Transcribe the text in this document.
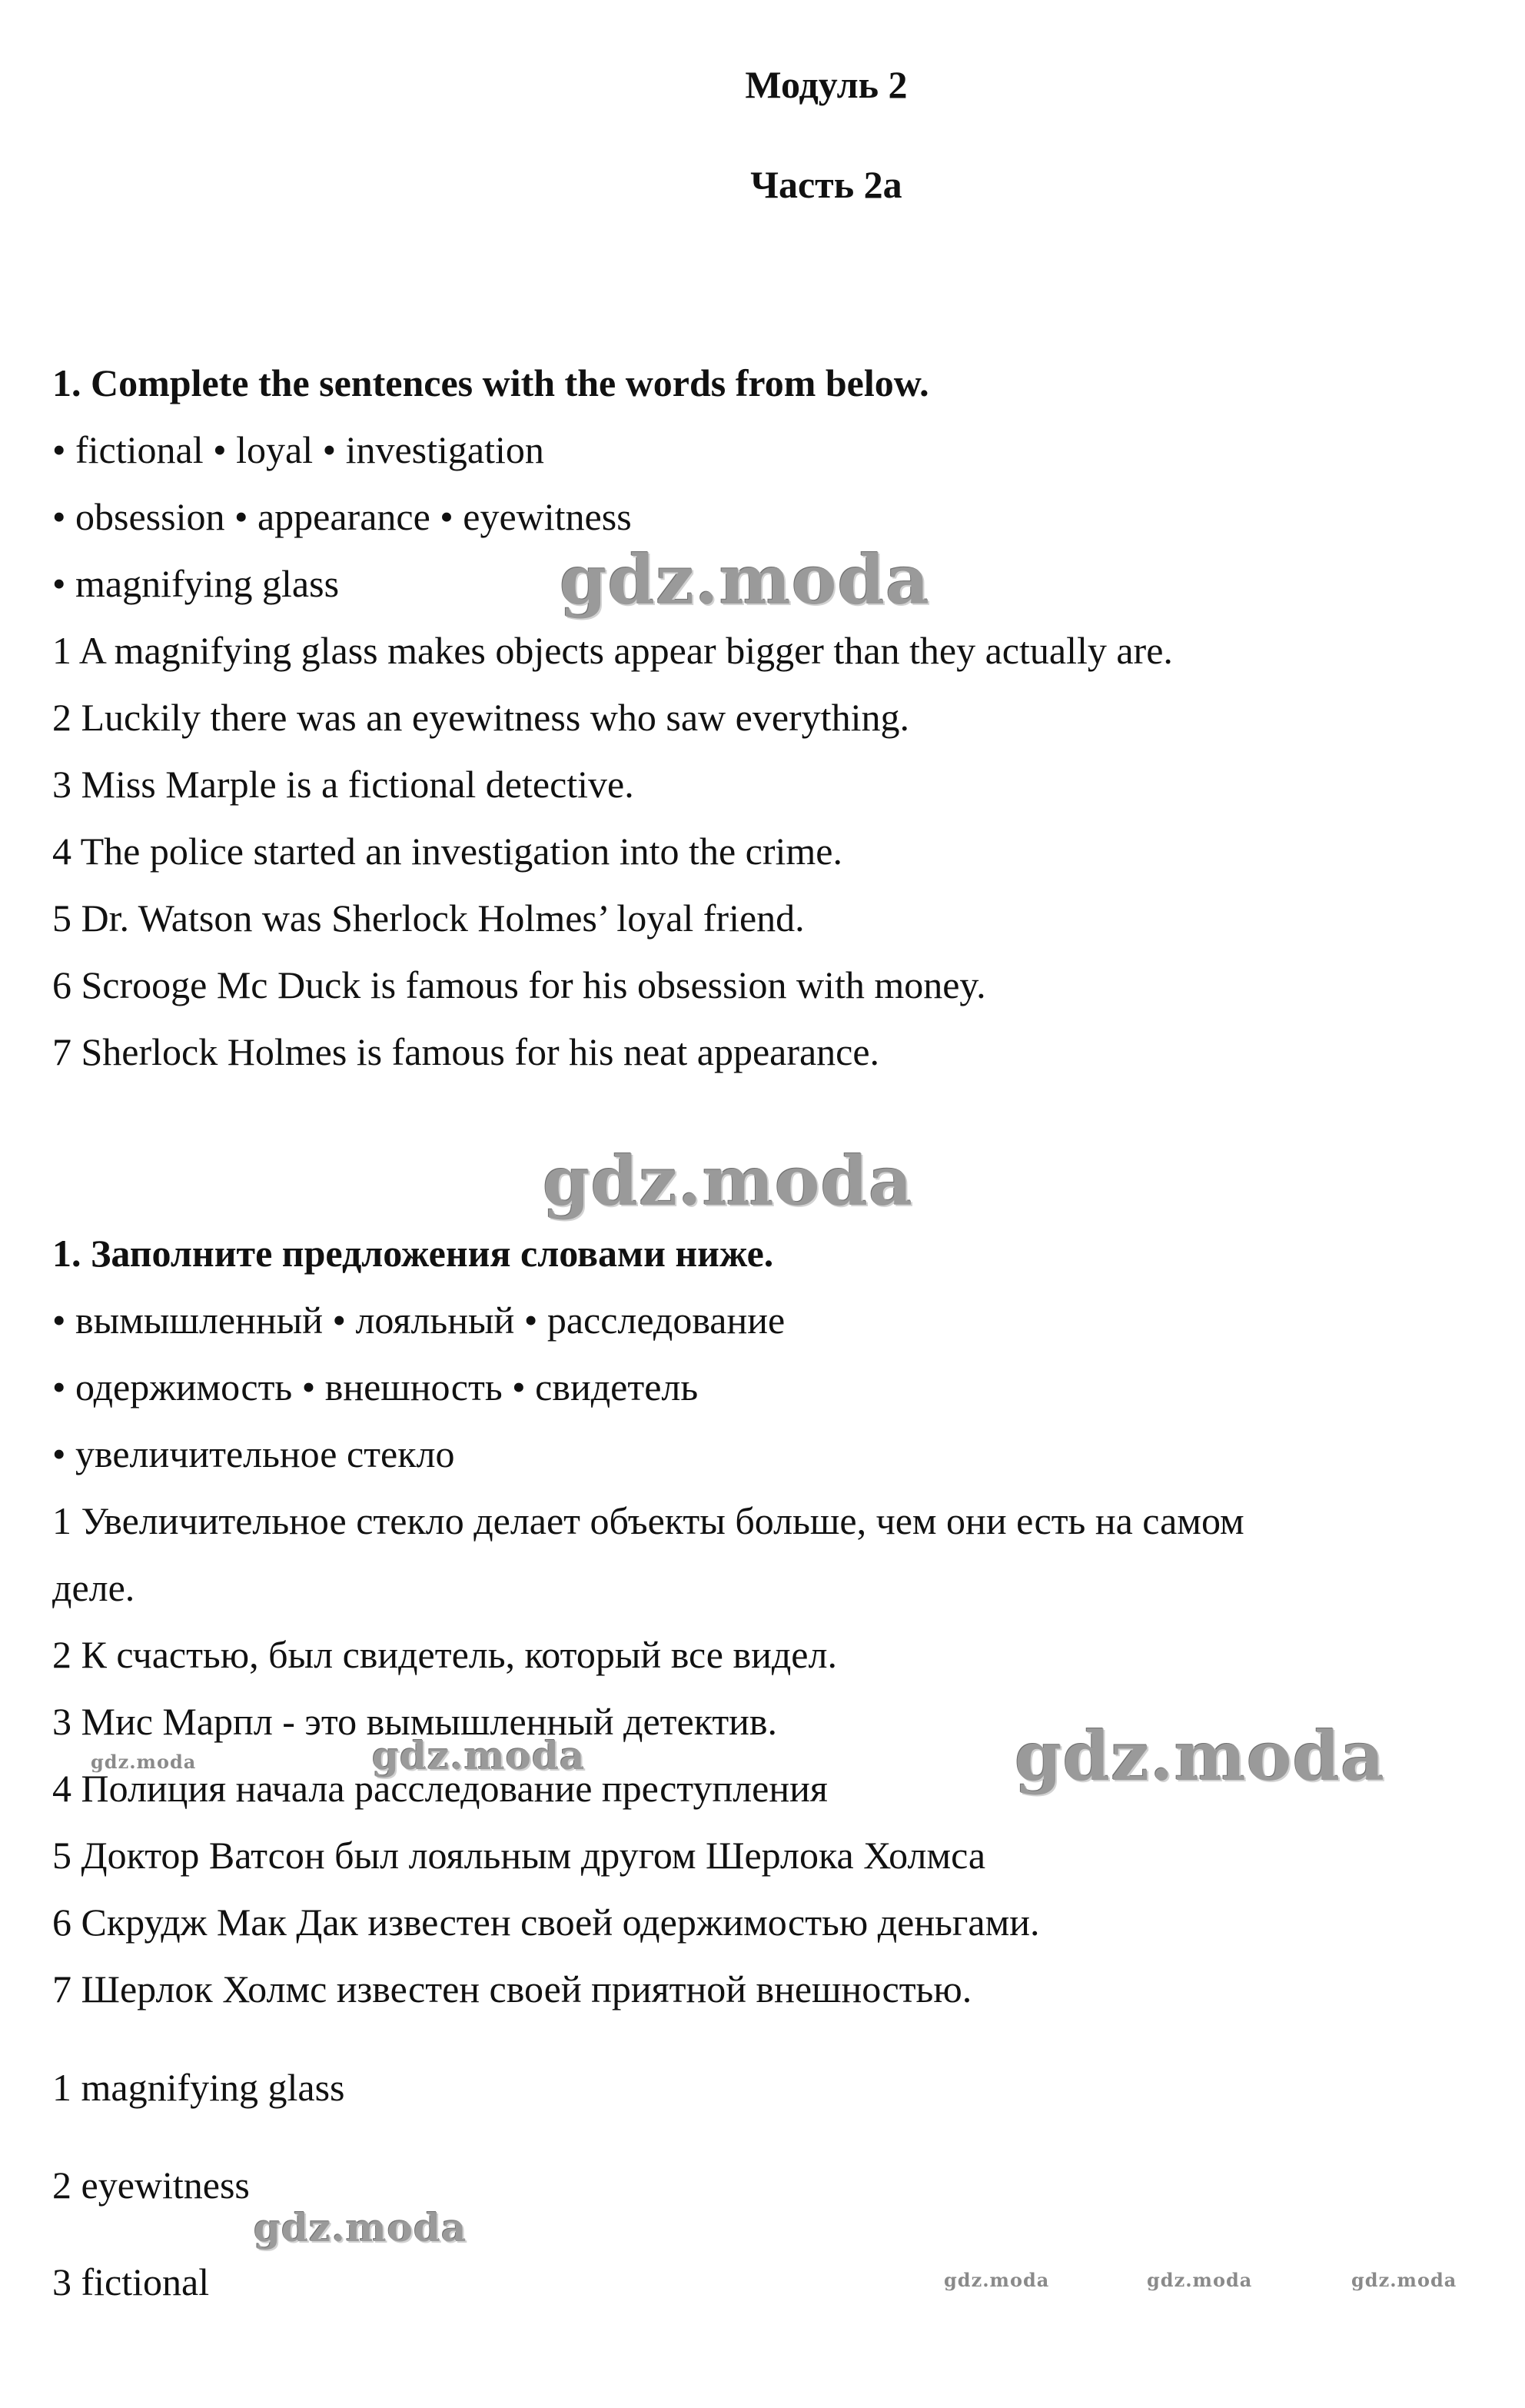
Модуль 2
Часть 2а
1. Complete the sentences with the words from below.
• fictional • loyal • investigation
• obsession • appearance • eyewitness
• magnifying glass
1 A magnifying glass makes objects appear bigger than they actually are.
2 Luckily there was an eyewitness who saw everything.
3 Miss Marple is a fictional detective.
4 The police started an investigation into the crime.
5 Dr. Watson was Sherlock Holmes’ loyal friend.
6 Scrooge Mc Duck is famous for his obsession with money.
7 Sherlock Holmes is famous for his neat appearance.
1. Заполните предложения словами ниже.
• вымышленный • лояльный • расследование
• одержимость • внешность • свидетель
• увеличительное стекло
1 Увеличительное стекло делает объекты больше, чем они есть на самом
деле.
2 К счастью, был свидетель, который все видел.
3 Мис Марпл - это вымышленный детектив.
4 Полиция начала расследование преступления
5 Доктор Ватсон был лояльным другом Шерлока Холмса
6 Скрудж Мак Дак известен своей одержимостью деньгами.
7 Шерлок Холмс известен своей приятной внешностью.
1 magnifying glass
2 eyewitness
3 fictional
gdz.moda
gdz.moda
gdz.moda
gdz.moda
gdz.moda
gdz.moda
gdz.moda	gdz.moda	gdz.moda
